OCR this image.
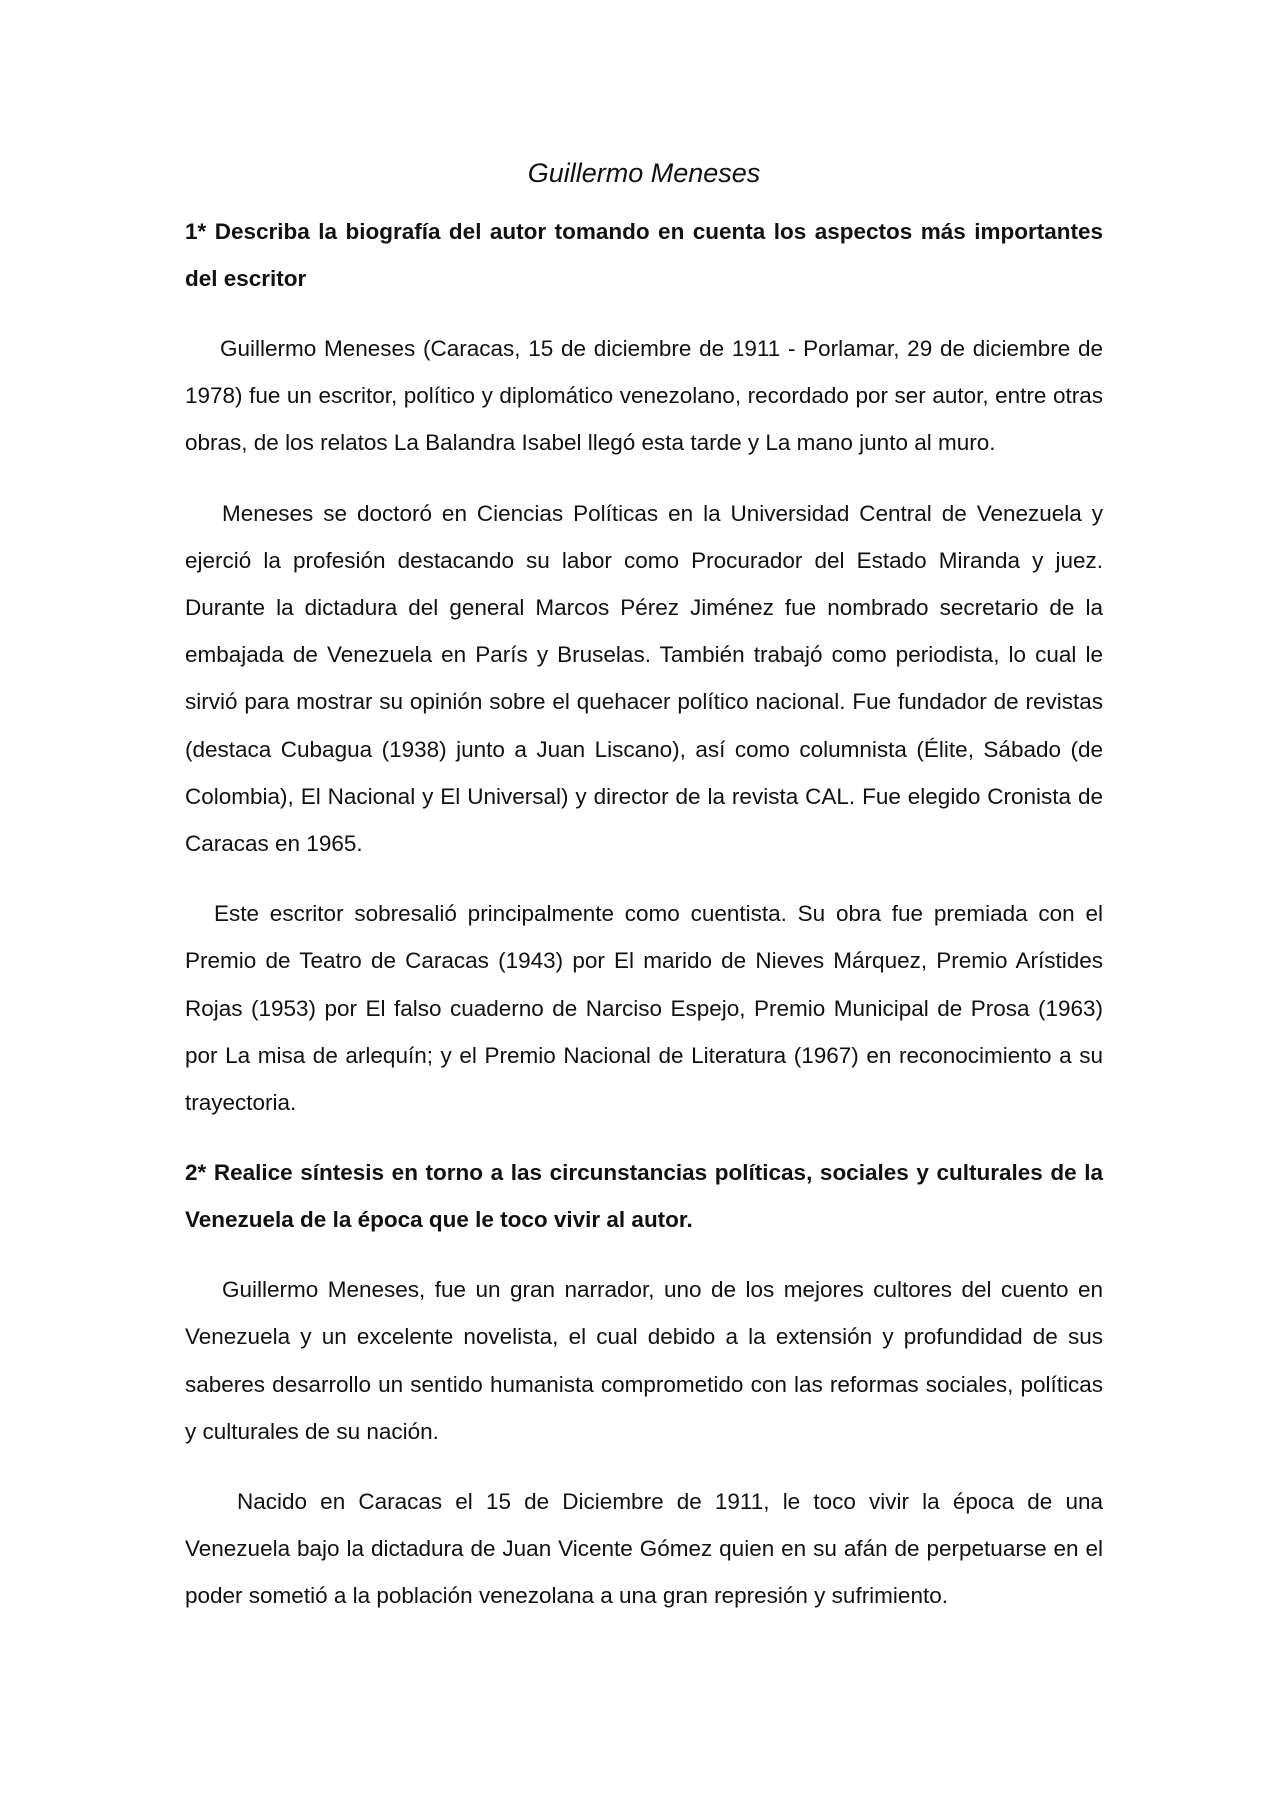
Guillermo Meneses

1* Describa la biografía del autor tomando en cuenta los aspectos más importantes del escritor

Guillermo Meneses (Caracas, 15 de diciembre de 1911 - Porlamar, 29 de diciembre de 1978) fue un escritor, político y diplomático venezolano, recordado por ser autor, entre otras obras, de los relatos La Balandra Isabel llegó esta tarde y La mano junto al muro.

Meneses se doctoró en Ciencias Políticas en la Universidad Central de Venezuela y ejerció la profesión destacando su labor como Procurador del Estado Miranda y juez. Durante la dictadura del general Marcos Pérez Jiménez fue nombrado secretario de la embajada de Venezuela en París y Bruselas. También trabajó como periodista, lo cual le sirvió para mostrar su opinión sobre el quehacer político nacional. Fue fundador de revistas (destaca Cubagua (1938) junto a Juan Liscano), así como columnista (Élite, Sábado (de Colombia), El Nacional y El Universal) y director de la revista CAL. Fue elegido Cronista de Caracas en 1965.

Este escritor sobresalió principalmente como cuentista. Su obra fue premiada con el Premio de Teatro de Caracas (1943) por El marido de Nieves Márquez, Premio Arístides Rojas (1953) por El falso cuaderno de Narciso Espejo, Premio Municipal de Prosa (1963) por La misa de arlequín; y el Premio Nacional de Literatura (1967) en reconocimiento a su trayectoria.

2* Realice síntesis en torno a las circunstancias políticas, sociales y culturales de la Venezuela de la época que le toco vivir al autor.

Guillermo Meneses, fue un gran narrador, uno de los mejores cultores del cuento en Venezuela y un excelente novelista, el cual debido a la extensión y profundidad de sus saberes desarrollo un sentido humanista comprometido con las reformas sociales, políticas y culturales de su nación.

Nacido en Caracas el 15 de Diciembre de 1911, le toco vivir la época de una Venezuela bajo la dictadura de Juan Vicente Gómez quien en su afán de perpetuarse en el poder sometió a la población venezolana a una gran represión y sufrimiento.
